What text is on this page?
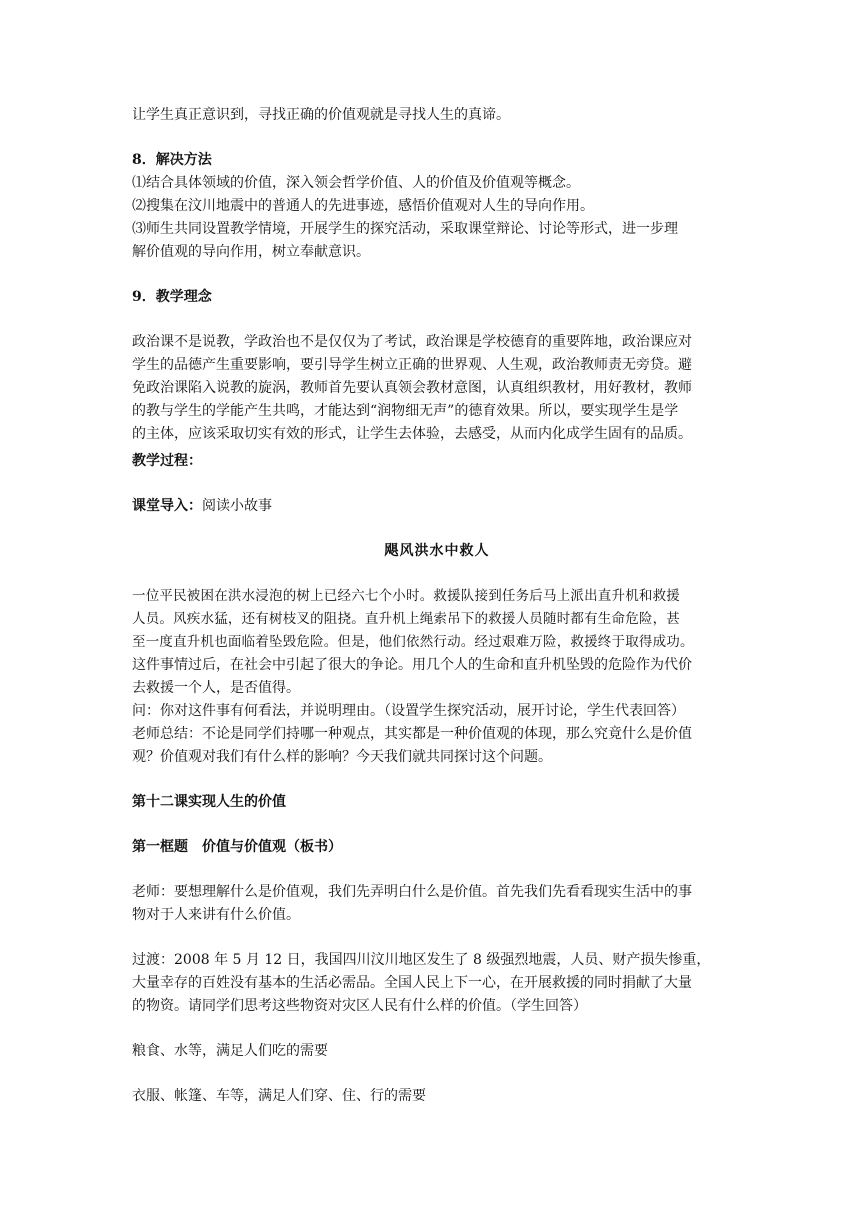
让学生真正意识到，寻找正确的价值观就是寻找人生的真谛。

8．解决方法

⑴结合具体领域的价值，深入领会哲学价值、人的价值及价值观等概念。

⑵搜集在汶川地震中的普通人的先进事迹，感悟价值观对人生的导向作用。

⑶师生共同设置教学情境，开展学生的探究活动，采取课堂辩论、讨论等形式，进一步理

解价值观的导向作用，树立奉献意识。

9．教学理念

政治课不是说教，学政治也不是仅仅为了考试，政治课是学校德育的重要阵地，政治课应对

学生的品德产生重要影响，要引导学生树立正确的世界观、人生观，政治教师责无旁贷。避

免政治课陷入说教的旋涡，教师首先要认真领会教材意图，认真组织教材，用好教材，教师

的教与学生的学能产生共鸣，才能达到“润物细无声”的德育效果。所以，要实现学生是学

的主体，应该采取切实有效的形式，让学生去体验，去感受，从而内化成学生固有的品质。

教学过程：

课堂导入：阅读小故事

飓风洪水中救人

一位平民被困在洪水浸泡的树上已经六七个小时。救援队接到任务后马上派出直升机和救援

人员。风疾水猛，还有树枝叉的阻挠。直升机上绳索吊下的救援人员随时都有生命危险，甚

至一度直升机也面临着坠毁危险。但是，他们依然行动。经过艰难万险，救援终于取得成功。

这件事情过后，在社会中引起了很大的争论。用几个人的生命和直升机坠毁的危险作为代价

去救援一个人，是否值得。

问：你对这件事有何看法，并说明理由。（设置学生探究活动，展开讨论，学生代表回答）

老师总结：不论是同学们持哪一种观点，其实都是一种价值观的体现，那么究竟什么是价值

观？价值观对我们有什么样的影响？今天我们就共同探讨这个问题。

第十二课实现人生的价值

第一框题　价值与价值观（板书）

老师：要想理解什么是价值观，我们先弄明白什么是价值。首先我们先看看现实生活中的事

物对于人来讲有什么价值。

过渡：2008 年 5 月 12 日，我国四川汶川地区发生了 8 级强烈地震，人员、财产损失惨重，

大量幸存的百姓没有基本的生活必需品。全国人民上下一心，在开展救援的同时捐献了大量

的物资。请同学们思考这些物资对灾区人民有什么样的价值。（学生回答）

粮食、水等，满足人们吃的需要

衣服、帐篷、车等，满足人们穿、住、行的需要
